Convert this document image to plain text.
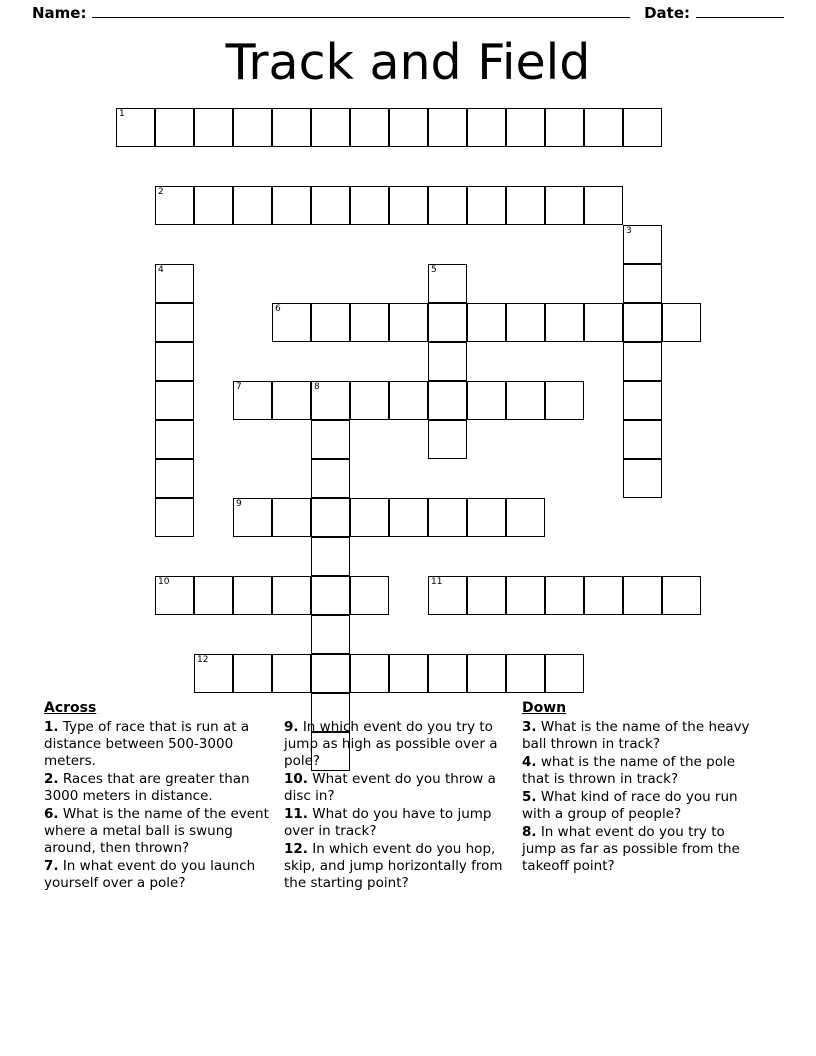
Name:	Date:
Track and Field
1
2
3
4	5
6
7	8
9
10	11
12
Across
1. Type of race that is run at a distance between 500-3000 meters.
2. Races that are greater than 3000 meters in distance.
6. What is the name of the event where a metal ball is swung around, then thrown?
7. In what event do you launch yourself over a pole?
9. In which event do you try to jump as high as possible over a pole?
10. What event do you throw a disc in?
11. What do you have to jump over in track?
12. In which event do you hop, skip, and jump horizontally from the starting point?
Down
3. What is the name of the heavy ball thrown in track?
4. what is the name of the pole that is thrown in track?
5. What kind of race do you run with a group of people?
8. In what event do you try to jump as far as possible from the takeoff point?
